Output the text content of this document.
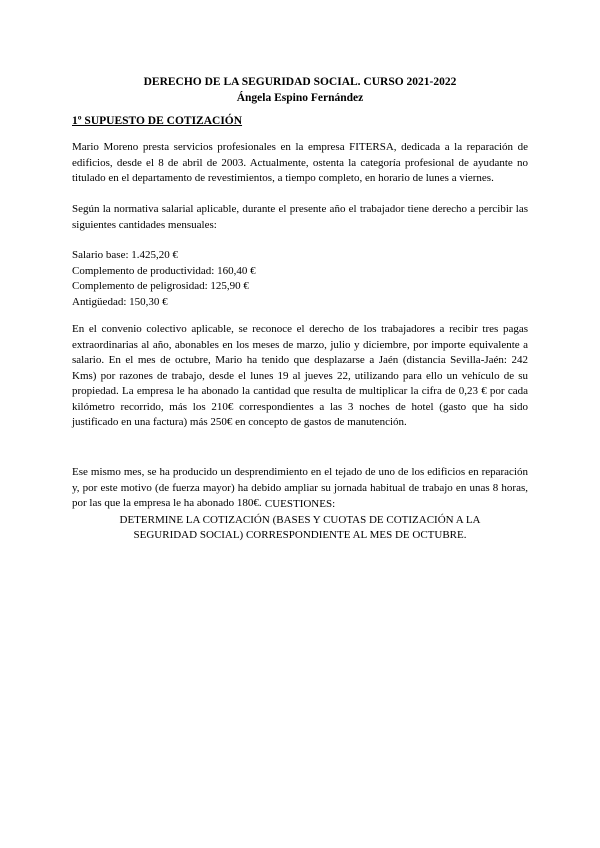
DERECHO DE LA SEGURIDAD SOCIAL. CURSO 2021-2022
Ángela Espino Fernández
1º SUPUESTO DE COTIZACIÓN

Mario Moreno presta servicios profesionales en la empresa FITERSA, dedicada a la reparación de edificios, desde el 8 de abril de 2003. Actualmente, ostenta la categoría profesional de ayudante no titulado en el departamento de revestimientos, a tiempo completo, en horario de lunes a viernes.

Según la normativa salarial aplicable, durante el presente año el trabajador tiene derecho a percibir las siguientes cantidades mensuales:

Salario base: 1.425,20 €
Complemento de productividad: 160,40 €
Complemento de peligrosidad: 125,90 €
Antigüedad: 150,30 €

En el convenio colectivo aplicable, se reconoce el derecho de los trabajadores a recibir tres pagas extraordinarias al año, abonables en los meses de marzo, julio y diciembre, por importe equivalente a salario. En el mes de octubre, Mario ha tenido que desplazarse a Jaén (distancia Sevilla-Jaén: 242 Kms) por razones de trabajo, desde el lunes 19 al jueves 22, utilizando para ello un vehículo de su propiedad. La empresa le ha abonado la cantidad que resulta de multiplicar la cifra de 0,23 € por cada kilómetro recorrido, más los 210€ correspondientes a las 3 noches de hotel (gasto que ha sido justificado en una factura) más 250€ en concepto de gastos de manutención.

Ese mismo mes, se ha producido un desprendimiento en el tejado de uno de los edificios en reparación y, por este motivo (de fuerza mayor) ha debido ampliar su jornada habitual de trabajo en unas 8 horas, por las que la empresa le ha abonado 180€. CUESTIONES:
DETERMINE LA COTIZACIÓN (BASES Y CUOTAS DE COTIZACIÓN A LA
SEGURIDAD SOCIAL) CORRESPONDIENTE AL MES DE OCTUBRE.
